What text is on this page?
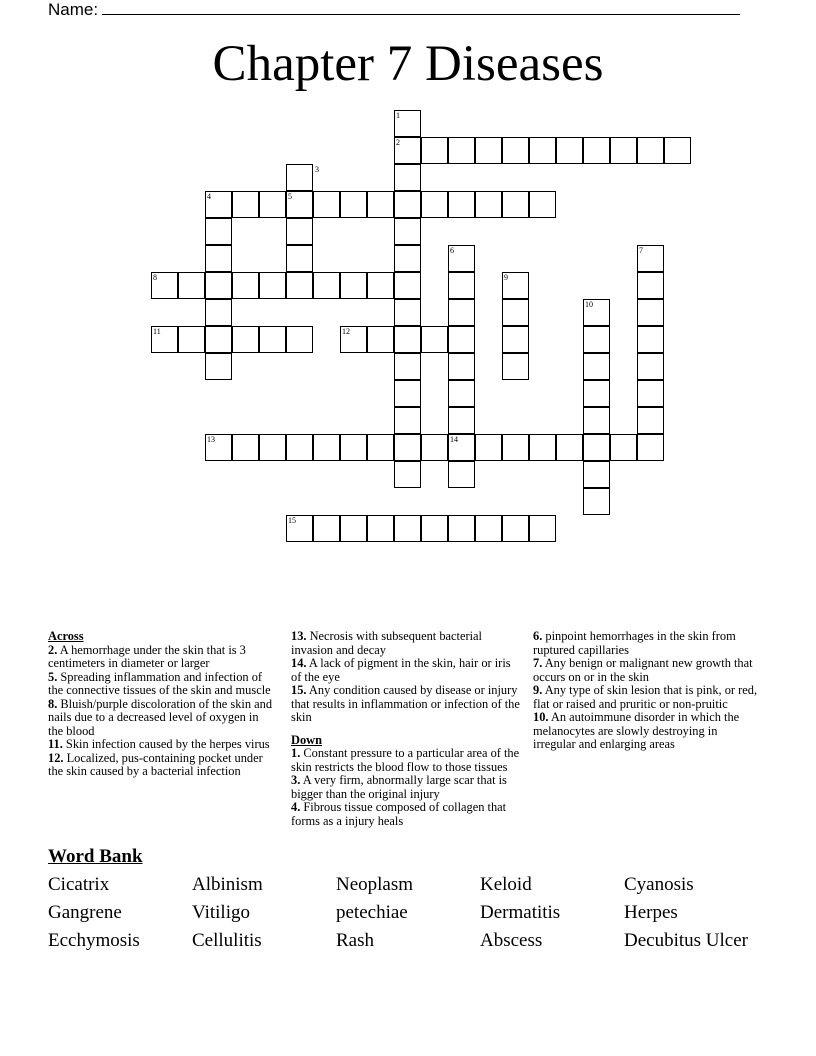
Name:
Chapter 7 Diseases
1
2
3
4	5
6	7
8	9
10
11	12
13	14
15
Across
2. A hemorrhage under the skin that is 3 centimeters in diameter or larger
5. Spreading inflammation and infection of the connective tissues of the skin and muscle
8. Bluish/purple discoloration of the skin and nails due to a decreased level of oxygen in the blood
11. Skin infection caused by the herpes virus
12. Localized, pus-containing pocket under the skin caused by a bacterial infection
13. Necrosis with subsequent bacterial invasion and decay
14. A lack of pigment in the skin, hair or iris of the eye
15. Any condition caused by disease or injury that results in inflammation or infection of the skin
Down
1. Constant pressure to a particular area of the skin restricts the blood flow to those tissues
3. A very firm, abnormally large scar that is bigger than the original injury
4. Fibrous tissue composed of collagen that forms as a injury heals
6. pinpoint hemorrhages in the skin from ruptured capillaries
7. Any benign or malignant new growth that occurs on or in the skin
9. Any type of skin lesion that is pink, or red, flat or raised and pruritic or non-pruitic
10. An autoimmune disorder in which the melanocytes are slowly destroying in irregular and enlarging areas
Word Bank
Cicatrix	Albinism	Neoplasm	Keloid	Cyanosis
Gangrene	Vitiligo	petechiae	Dermatitis	Herpes
Ecchymosis	Cellulitis	Rash	Abscess	Decubitus Ulcer
